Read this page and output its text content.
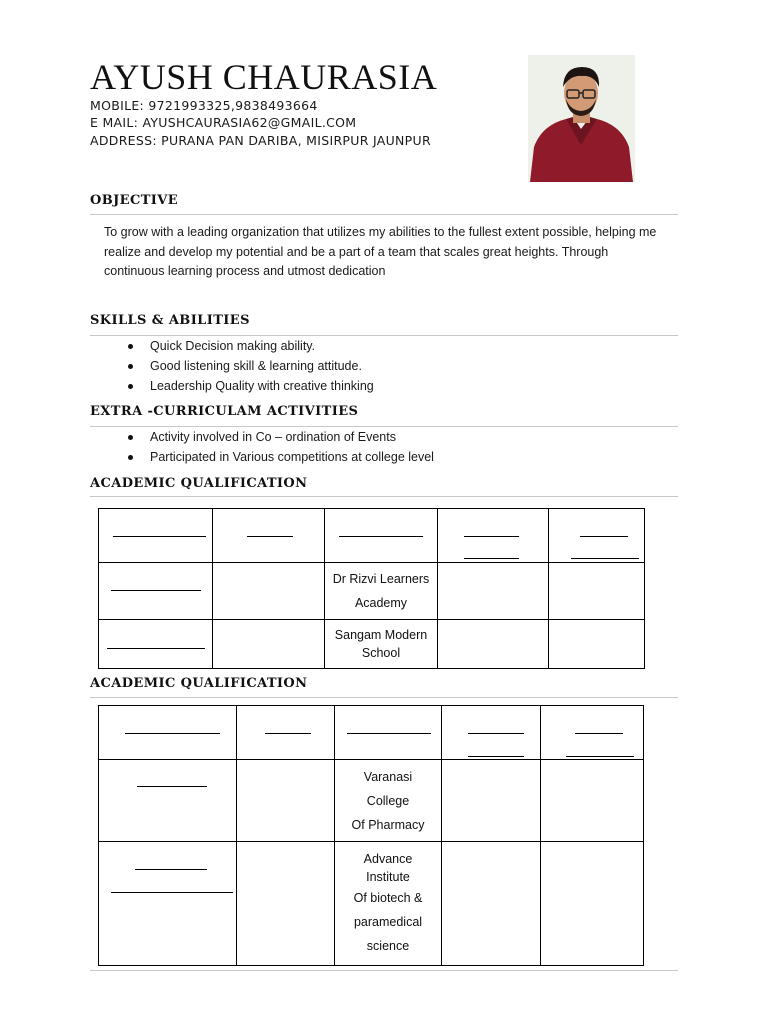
AYUSH CHAURASIA
MOBILE: 9721993325,9838493664
E MAIL: AYUSHCAURASIA62@GMAIL.COM
ADDRESS: PURANA PAN DARIBA, MISIRPUR JAUNPUR
OBJECTIVE
To grow with a leading organization that utilizes my abilities to the fullest extent possible, helping me
realize and develop my potential and be a part of a team that scales great heights. Through
continuous learning process and utmost dedication
SKILLS & ABILITIES
Quick Decision making ability.
Good listening skill & learning attitude.
Leadership Quality with creative thinking
EXTRA -CURRICULAM ACTIVITIES
Activity involved in Co – ordination of Events
Participated in Various competitions at college level
ACADEMIC QUALIFICATION

		Dr Rizvi Learners
Academy		

		Sangam Modern
School		

ACADEMIC QUALIFICATION

		Varanasi
College
Of Pharmacy		

		Advance
Institute
Of biotech &
paramedical
science		
